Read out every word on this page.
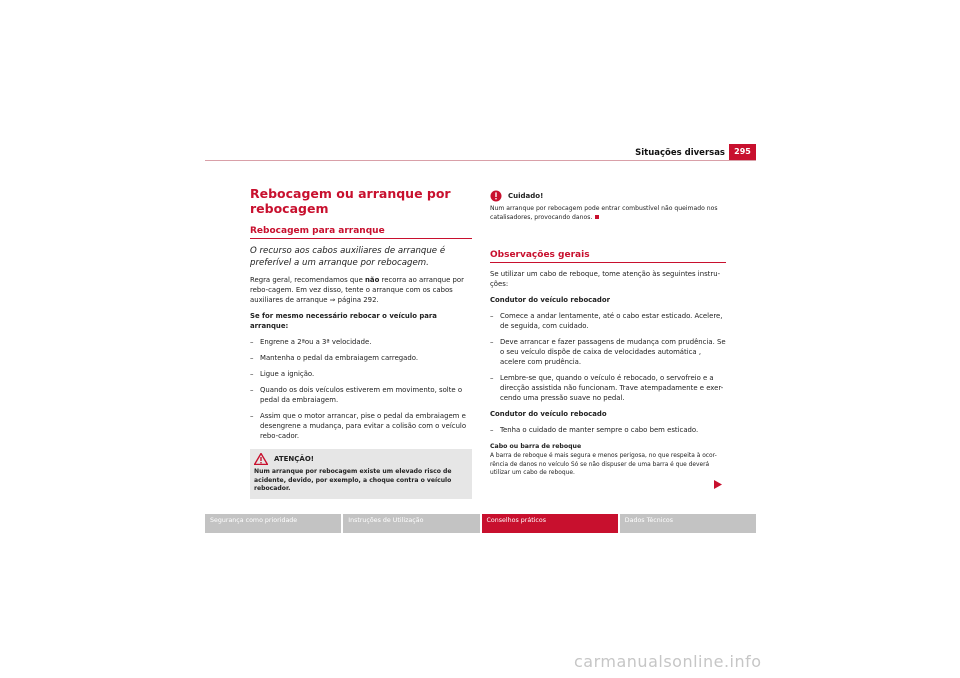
Situações diversas	295
Rebocagem ou arranque por rebocagem
Rebocagem para arranque
O recurso aos cabos auxiliares de arranque é preferível a um arranque por rebocagem.

Regra geral, recomendamos que não recorra ao arranque por rebo-cagem. Em vez disso, tente o arranque com os cabos auxiliares de arranque ⇒ página 292.

Se for mesmo necessário rebocar o veículo para arranque:

– Engrene a 2ªou a 3ª velocidade.
– Mantenha o pedal da embraiagem carregado.
– Ligue a ignição.
– Quando os dois veículos estiverem em movimento, solte o pedal da embraiagem.
– Assim que o motor arrancar, pise o pedal da embraiagem e desengrene a mudança, para evitar a colisão com o veículo rebo-cador.
ATENÇÃO!

Num arranque por rebocagem existe um elevado risco de acidente, devido, por exemplo, a choque contra o veículo rebocador.

Cuidado!

Num arranque por rebocagem pode entrar combustível não queimado nos catalisadores, provocando danos.

Observações gerais

Se utilizar um cabo de reboque, tome atenção às seguintes instru-ções:

Condutor do veículo rebocador

– Comece a andar lentamente, até o cabo estar esticado. Acelere, de seguida, com cuidado.
– Deve arrancar e fazer passagens de mudança com prudência. Se o seu veículo dispõe de caixa de velocidades automática , acelere com prudência.
– Lembre-se que, quando o veículo é rebocado, o servofreio e a direcção assistida não funcionam. Trave atempadamente e exer-cendo uma pressão suave no pedal.

Condutor do veículo rebocado

– Tenha o cuidado de manter sempre o cabo bem esticado.
Cabo ou barra de reboque

A barra de reboque é mais segura e menos perigosa, no que respeita à ocor-rência de danos no veículo Só se não dispuser de uma barra é que deverá utilizar um cabo de reboque.

Segurança como prioridade	Instruções de Utilização	Conselhos práticos	Dados Técnicos
carmanualsonline.info
